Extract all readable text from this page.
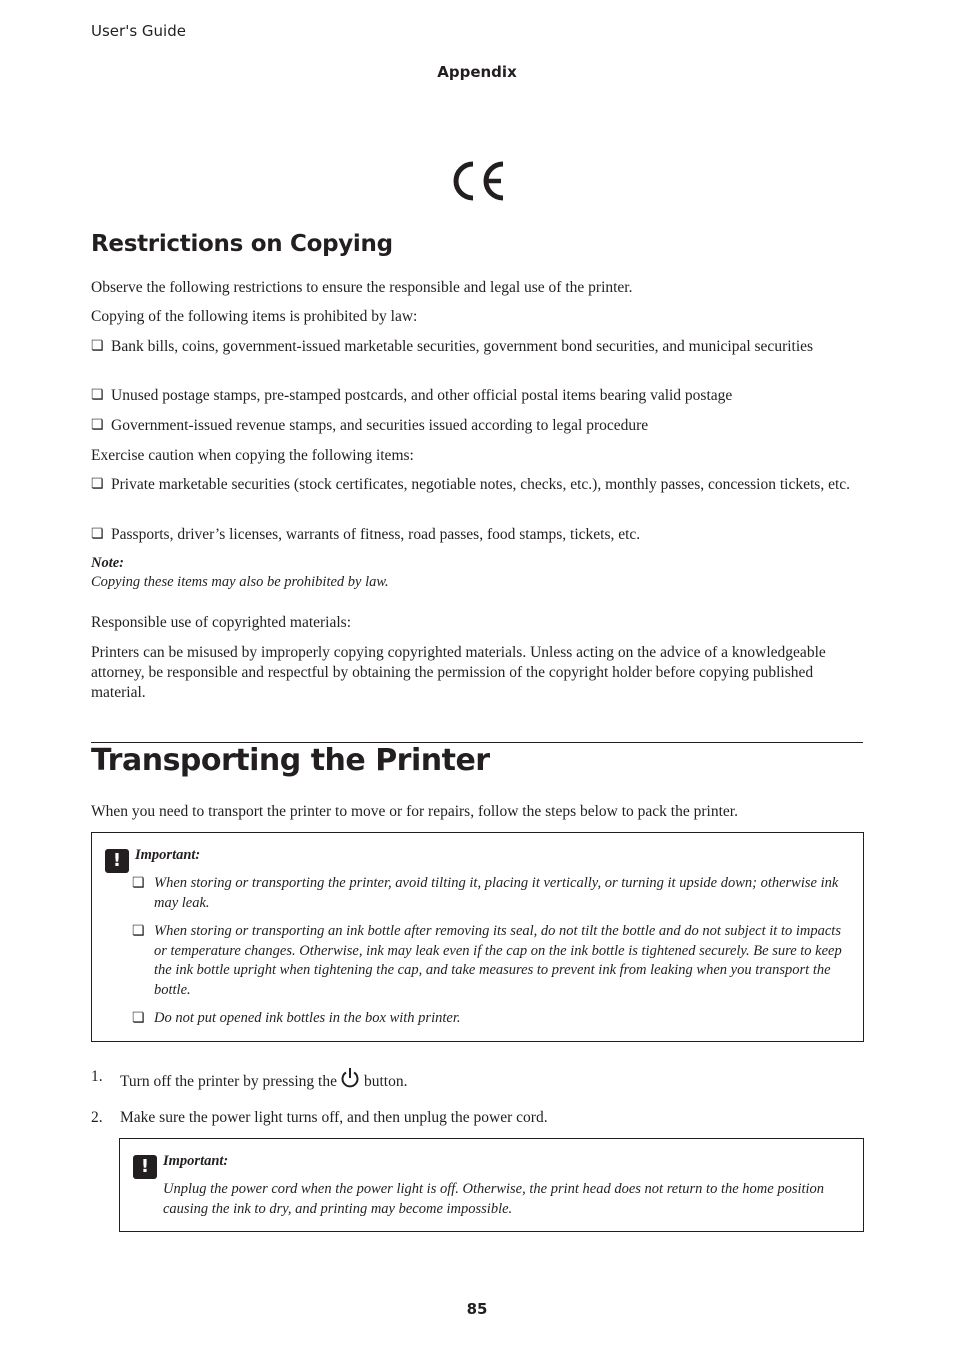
User's Guide
Appendix
Restrictions on Copying
Observe the following restrictions to ensure the responsible and legal use of the printer.
Copying of the following items is prohibited by law:
❏ Bank bills, coins, government-issued marketable securities, government bond securities, and municipal securities
❏ Unused postage stamps, pre-stamped postcards, and other official postal items bearing valid postage
❏ Government-issued revenue stamps, and securities issued according to legal procedure
Exercise caution when copying the following items:
❏ Private marketable securities (stock certificates, negotiable notes, checks, etc.), monthly passes, concession tickets, etc.
❏ Passports, driver’s licenses, warrants of fitness, road passes, food stamps, tickets, etc.
Note:
Copying these items may also be prohibited by law.
Responsible use of copyrighted materials:
Printers can be misused by improperly copying copyrighted materials. Unless acting on the advice of a knowledgeable attorney, be responsible and respectful by obtaining the permission of the copyright holder before copying published material.
Transporting the Printer
When you need to transport the printer to move or for repairs, follow the steps below to pack the printer.
! Important:
❏ When storing or transporting the printer, avoid tilting it, placing it vertically, or turning it upside down; otherwise ink may leak.
❏ When storing or transporting an ink bottle after removing its seal, do not tilt the bottle and do not subject it to impacts or temperature changes. Otherwise, ink may leak even if the cap on the ink bottle is tightened securely. Be sure to keep the ink bottle upright when tightening the cap, and take measures to prevent ink from leaking when you transport the bottle.
❏ Do not put opened ink bottles in the box with printer.
1. Turn off the printer by pressing the button.
2. Make sure the power light turns off, and then unplug the power cord.
! Important:
Unplug the power cord when the power light is off. Otherwise, the print head does not return to the home position causing the ink to dry, and printing may become impossible.
85
